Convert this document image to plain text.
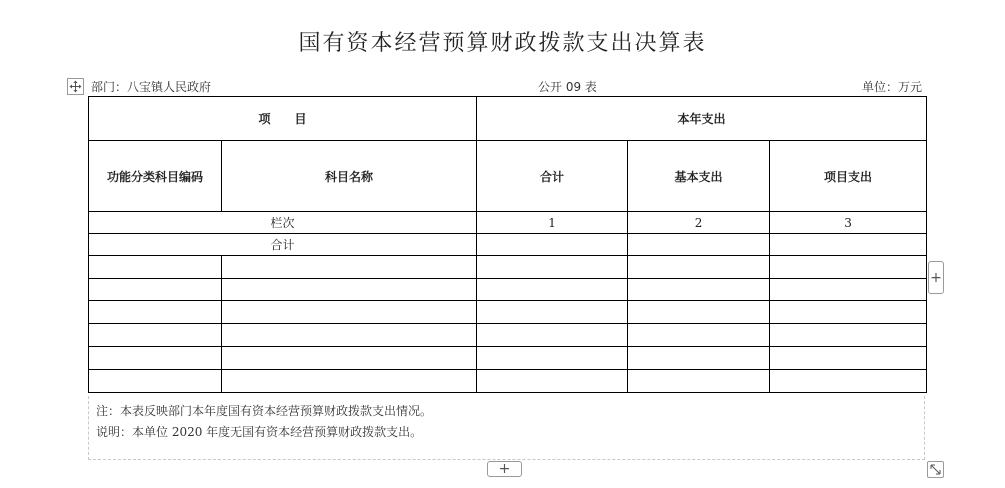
国有资本经营预算财政拨款支出决算表
部门：八宝镇人民政府	公开 09 表	单位：万元
项　　目		本年支出		
功能分类科目编码	科目名称	合计	基本支出	项目支出
栏次		1	2	3
合计				

注：本表反映部门本年度国有资本经营预算财政拨款支出情况。
说明：本单位 2020 年度无国有资本经营预算财政拨款支出。
+
+
